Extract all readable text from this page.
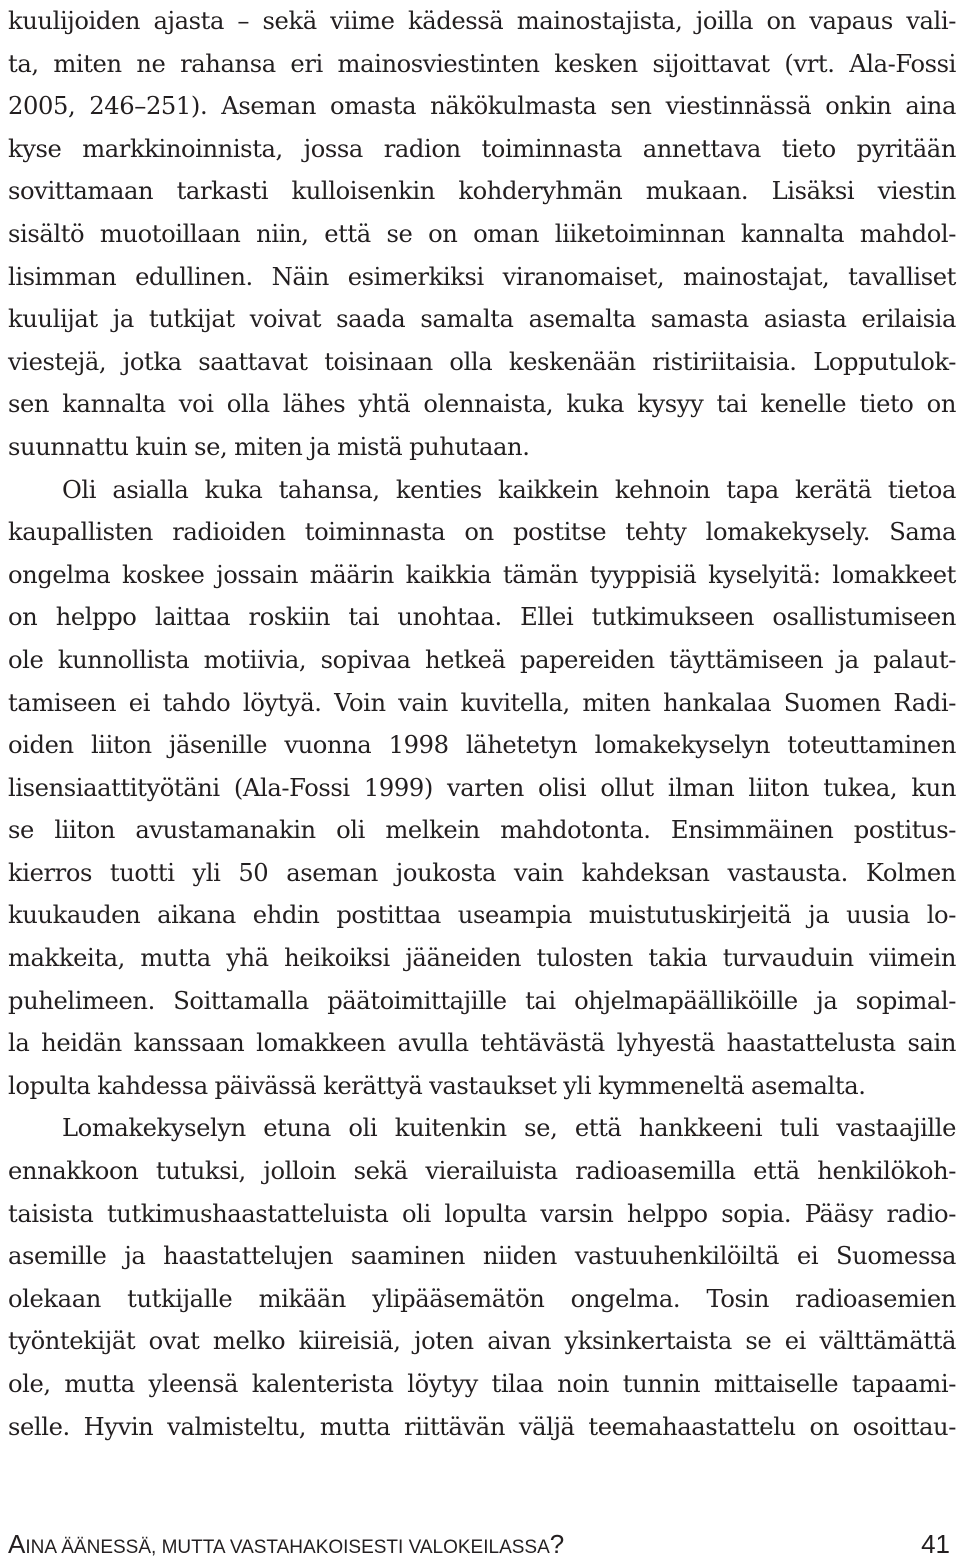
kuulijoiden ajasta – sekä viime kädessä mainostajista, joilla on vapaus vali-
ta, miten ne rahansa eri mainosviestinten kesken sijoittavat (vrt. Ala-Fossi
2005, 246–251). Aseman omasta näkökulmasta sen viestinnässä onkin aina
kyse markkinoinnista, jossa radion toiminnasta annettava tieto pyritään
sovittamaan tarkasti kulloisenkin kohderyhmän mukaan. Lisäksi viestin
sisältö muotoillaan niin, että se on oman liiketoiminnan kannalta mahdol-
lisimman edullinen. Näin esimerkiksi viranomaiset, mainostajat, tavalliset
kuulijat ja tutkijat voivat saada samalta asemalta samasta asiasta erilaisia
viestejä, jotka saattavat toisinaan olla keskenään ristiriitaisia. Lopputulok-
sen kannalta voi olla lähes yhtä olennaista, kuka kysyy tai kenelle tieto on
suunnattu kuin se, miten ja mistä puhutaan.
Oli asialla kuka tahansa, kenties kaikkein kehnoin tapa kerätä tietoa
kaupallisten radioiden toiminnasta on postitse tehty lomakekysely. Sama
ongelma koskee jossain määrin kaikkia tämän tyyppisiä kyselyitä: lomakkeet
on helppo laittaa roskiin tai unohtaa. Ellei tutkimukseen osallistumiseen
ole kunnollista motiivia, sopivaa hetkeä papereiden täyttämiseen ja palaut-
tamiseen ei tahdo löytyä. Voin vain kuvitella, miten hankalaa Suomen Radi-
oiden liiton jäsenille vuonna 1998 lähetetyn lomakekyselyn toteuttaminen
lisensiaattityötäni (Ala-Fossi 1999) varten olisi ollut ilman liiton tukea, kun
se liiton avustamanakin oli melkein mahdotonta. Ensimmäinen postitus-
kierros tuotti yli 50 aseman joukosta vain kahdeksan vastausta. Kolmen
kuukauden aikana ehdin postittaa useampia muistutuskirjeitä ja uusia lo-
makkeita, mutta yhä heikoiksi jääneiden tulosten takia turvauduin viimein
puhelimeen. Soittamalla päätoimittajille tai ohjelmapäälliköille ja sopimal-
la heidän kanssaan lomakkeen avulla tehtävästä lyhyestä haastattelusta sain
lopulta kahdessa päivässä kerättyä vastaukset yli kymmeneltä asemalta.
Lomakekyselyn etuna oli kuitenkin se, että hankkeeni tuli vastaajille
ennakkoon tutuksi, jolloin sekä vierailuista radioasemilla että henkilökoh-
taisista tutkimushaastatteluista oli lopulta varsin helppo sopia. Pääsy radio-
asemille ja haastattelujen saaminen niiden vastuuhenkilöiltä ei Suomessa
olekaan tutkijalle mikään ylipääsemätön ongelma. Tosin radioasemien
työntekijät ovat melko kiireisiä, joten aivan yksinkertaista se ei välttämättä
ole, mutta yleensä kalenterista löytyy tilaa noin tunnin mittaiselle tapaami-
selle. Hyvin valmisteltu, mutta riittävän väljä teemahaastattelu on osoittau-
AINA ÄÄNESSÄ, MUTTA VASTAHAKOISESTI VALOKEILASSA?	41
